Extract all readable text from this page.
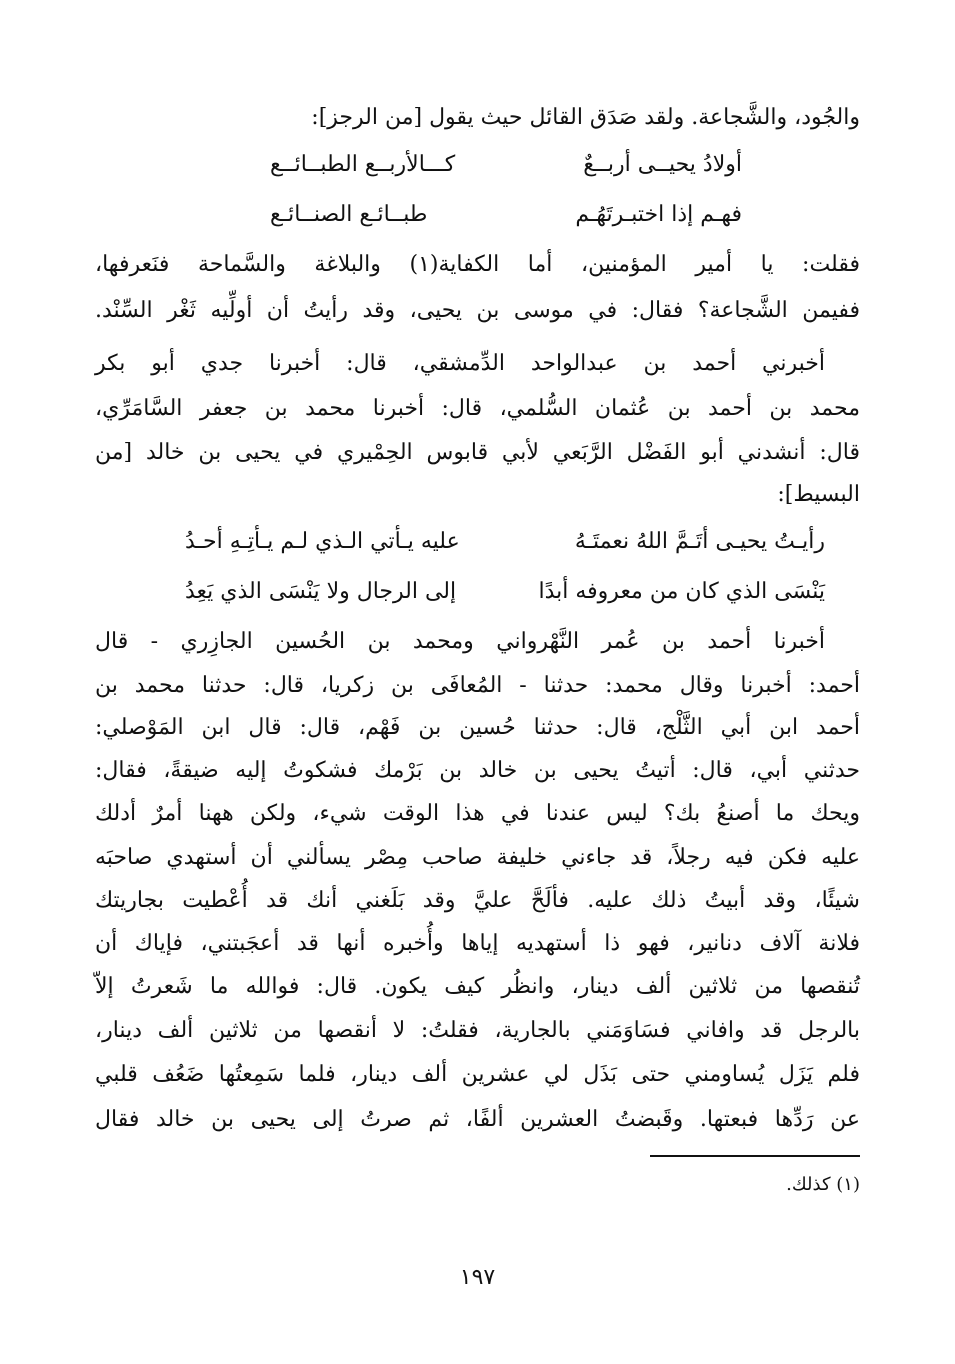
والجُود، والشَّجاعة. ولقد صَدَق القائل حيث يقول [من الرجز]:
أولادُ يحيــى أربــعٌ
كـــالأربــع الطبــائــع
فهـم إذا اختبـرتَهُـم
طبــائـع الصنــائـع
فقلت: يا أمير المؤمنين، أما الكفاية(١) والبلاغة والسَّماحة فنَعرفها،
ففيمن الشَّجاعة؟ فقال: في موسى بن يحيى، وقد رأيتُ أن أولِّيه ثَغْر السِّنْد.
أخبرني أحمد بن عبدالواحد الدِّمشقي، قال: أخبرنا جدي أبو بكر
محمد بن أحمد بن عُثمان السُّلمي، قال: أخبرنا محمد بن جعفر السَّامَرِّي،
قال: أنشدني أبو الفَضْل الرَّبَعي لأبي قابوس الحِمْيري في يحيى بن خالد [من
البسيط]:
رأيـتُ يحيـى أتَـمَّ اللهُ نعمتَـهُ
عليه يـأتي الـذي لـم يـأتِـهِ أحـدُ
يَنْسَى الذي كان من معروفه أبدًا
إلى الرجال ولا يَنْسَى الذي يَعِدُ
أخبرنا أحمد بن عُمر النَّهْرواني ومحمد بن الحُسين الجازِري - قال
أحمد: أخبرنا وقال محمد: حدثنا - المُعافَى بن زكريا، قال: حدثنا محمد بن
أحمد ابن أبي الثَّلْج، قال: حدثنا حُسين بن فَهْم، قال: قال ابن المَوْصلي:
حدثني أبي، قال: أتيتُ يحيى بن خالد بن بَرْمك فشكوتُ إليه ضيقةً، فقال:
ويحك ما أصنعُ بك؟ ليس عندنا في هذا الوقت شيء، ولكن ههنا أمرٌ أدلك
عليه فكن فيه رجلاً، قد جاءني خليفة صاحب مِصْر يسألني أن أستهدي صاحبَه
شيئًا، وقد أبيتُ ذلك عليه. فألَحَّ عليَّ وقد بَلَغني أنك قد أُعْطيت بجاريتك
فلانة آلاف دنانير، فهو ذا أستهديه إياها وأُخبره أنها قد أعجَبتني، فإياك أن
تُنقصها من ثلاثين ألف دينار، وانظُر كيف يكون. قال: فوالله ما شَعرتُ إلاّ
بالرجل قد وافاني فسَاوَمَني بالجارية، فقلتُ: لا أنقصها من ثلاثين ألف دينار،
فلم يَزَل يُساومني حتى بَذَل لي عشرين ألف دينار، فلما سَمِعتُها ضَعُف قلبي
عن رَدِّها فبعتها. وقَبضتُ العشرين ألفًا، ثم صرتُ إلى يحيى بن خالد فقال
(١) كذلك.
١٩٧
